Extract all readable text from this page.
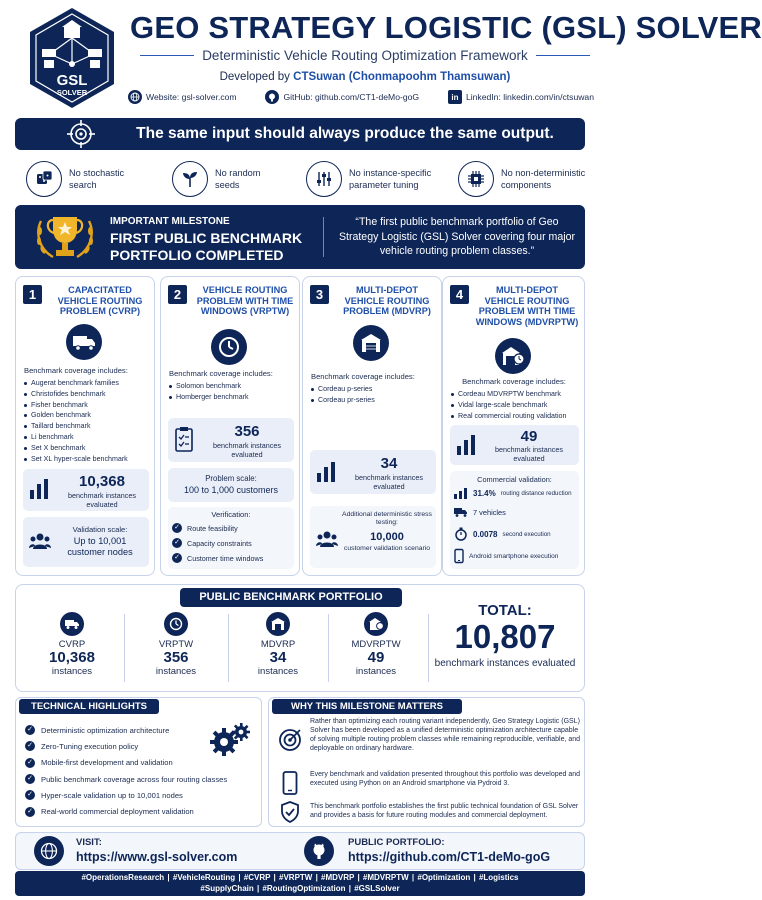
GSL
SOLVER
GEO STRATEGY LOGISTIC (GSL) SOLVER
Deterministic Vehicle Routing Optimization Framework
Developed by CTSuwan (Chonmapoohm Thamsuwan)
Website: gsl-solver.com	GitHub: github.com/CT1-deMo-goG	in LinkedIn: linkedin.com/in/ctsuwan
The same input should always produce the same output.
No stochastic search
No random seeds
No instance-specific parameter tuning
No non-deterministic components
IMPORTANT MILESTONE
FIRST PUBLIC BENCHMARK PORTFOLIO COMPLETED
“The first public benchmark portfolio of Geo Strategy Logistic (GSL) Solver covering four major vehicle routing problem classes.”
1	CAPACITATED VEHICLE ROUTING PROBLEM (CVRP)
Benchmark coverage includes:
Augerat benchmark families
Christofides benchmark
Fisher benchmark
Golden benchmark
Taillard benchmark
Li benchmark
Set X benchmark
Set XL hyper-scale benchmark
10,368
benchmark instances evaluated
Validation scale:
Up to 10,001 customer nodes
2	VEHICLE ROUTING PROBLEM WITH TIME WINDOWS (VRPTW)
Benchmark coverage includes:
Solomon benchmark
Homberger benchmark
356
benchmark instances evaluated
Problem scale:
100 to 1,000 customers
Verification:
✓ Route feasibility
✓ Capacity constraints
✓ Customer time windows
3	MULTI-DEPOT VEHICLE ROUTING PROBLEM (MDVRP)
Benchmark coverage includes:
Cordeau p-series
Cordeau pr-series
34
benchmark instances evaluated
Additional deterministic stress testing:
10,000
customer validation scenario
4	MULTI-DEPOT VEHICLE ROUTING PROBLEM WITH TIME WINDOWS (MDVRPTW)
Benchmark coverage includes:
Cordeau MDVRPTW benchmark
Vidal large-scale benchmark
Real commercial routing validation
49
benchmark instances evaluated
Commercial validation:
31.4% routing distance reduction
7 vehicles
0.0078 second execution
Android smartphone execution
PUBLIC BENCHMARK PORTFOLIO
CVRP
10,368
instances
VRPTW
356
instances
MDVRP
34
instances
MDVRPTW
49
instances
TOTAL:
10,807
benchmark instances evaluated
TECHNICAL HIGHLIGHTS
✓ Deterministic optimization architecture
✓ Zero-Tuning execution policy
✓ Mobile-first development and validation
✓ Public benchmark coverage across four routing classes
✓ Hyper-scale validation up to 10,001 nodes
✓ Real-world commercial deployment validation
WHY THIS MILESTONE MATTERS
Rather than optimizing each routing variant independently, Geo Strategy Logistic (GSL) Solver has been developed as a unified deterministic optimization architecture capable of solving multiple routing problem classes while remaining reproducible, verifiable, and deployable on ordinary hardware.
Every benchmark and validation presented throughout this portfolio was developed and executed using Python on an Android smartphone via Pydroid 3.
This benchmark portfolio establishes the first public technical foundation of GSL Solver and provides a basis for future routing modules and commercial deployment.
VISIT:
https://www.gsl-solver.com
PUBLIC PORTFOLIO:
https://github.com/CT1-deMo-goG
#OperationsResearch | #VehicleRouting | #CVRP | #VRPTW | #MDVRP | #MDVRPTW | #Optimization | #Logistics
#SupplyChain | #RoutingOptimization | #GSLSolver
